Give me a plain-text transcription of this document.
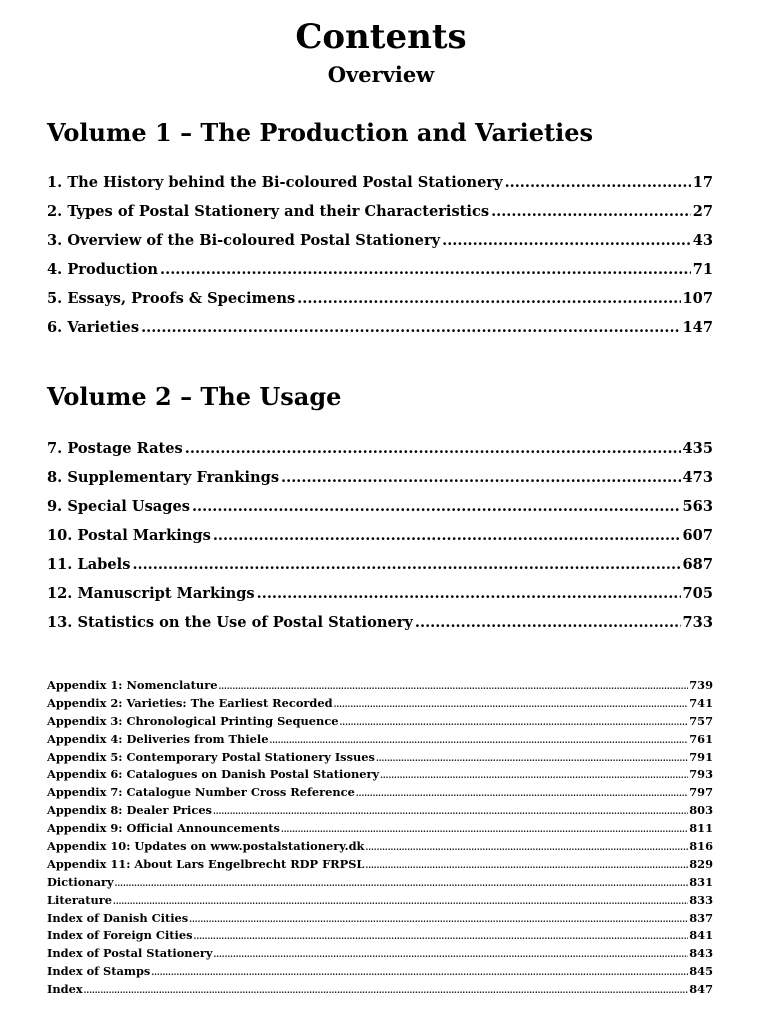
Contents
Overview
Volume 1 – The Production and Varieties
1. The History behind the Bi-coloured Postal Stationery .....	17
2. Types of Postal Stationery and their Characteristics .....	27
3. Overview of the Bi-coloured Postal Stationery .....	43
4. Production .....	71
5. Essays, Proofs & Specimens .....	107
6. Varieties .....	147
Volume 2 – The Usage
7. Postage Rates .....	435
8. Supplementary Frankings .....	473
9. Special Usages .....	563
10. Postal Markings .....	607
11. Labels .....	687
12. Manuscript Markings .....	705
13. Statistics on the Use of Postal Stationery .....	733
Appendix 1: Nomenclature .....	739
Appendix 2: Varieties: The Earliest Recorded .....	741
Appendix 3: Chronological Printing Sequence .....	757
Appendix 4: Deliveries from Thiele .....	761
Appendix 5: Contemporary Postal Stationery Issues .....	791
Appendix 6: Catalogues on Danish Postal Stationery .....	793
Appendix 7: Catalogue Number Cross Reference .....	797
Appendix 8: Dealer Prices .....	803
Appendix 9: Official Announcements .....	811
Appendix 10: Updates on www.postalstationery.dk .....	816
Appendix 11: About Lars Engelbrecht RDP FRPSL .....	829
Dictionary .....	831
Literature .....	833
Index of Danish Cities .....	837
Index of Foreign Cities .....	841
Index of Postal Stationery .....	843
Index of Stamps .....	845
Index .....	847
